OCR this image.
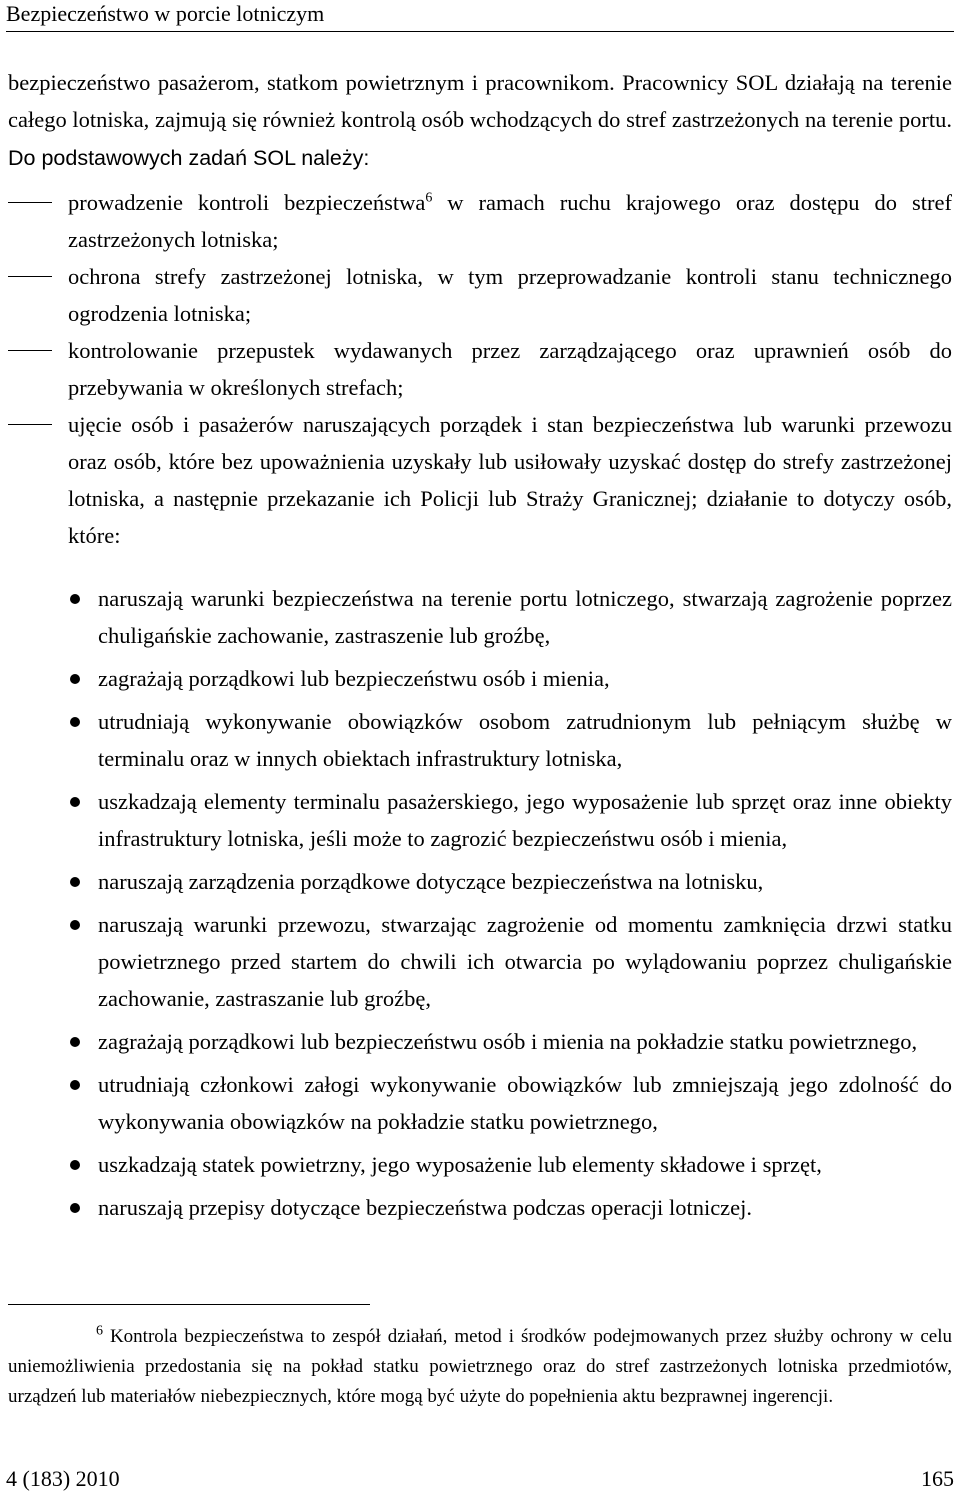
Bezpieczeństwo w porcie lotniczym

bezpieczeństwo pasażerom, statkom powietrznym i pracownikom. Pracownicy SOL działają na terenie całego lotniska, zajmują się również kontrolą osób wchodzących do stref zastrzeżonych na terenie portu. Do podstawowych zadań SOL należy:

prowadzenie kontroli bezpieczeństwa$^6$ w ramach ruchu krajowego oraz dostępu do stref zastrzeżonych lotniska;
ochrona strefy zastrzeżonej lotniska, w tym przeprowadzanie kontroli stanu technicznego ogrodzenia lotniska;
kontrolowanie przepustek wydawanych przez zarządzającego oraz uprawnień osób do przebywania w określonych strefach;
ujęcie osób i pasażerów naruszających porządek i stan bezpieczeństwa lub warunki przewozu oraz osób, które bez upoważnienia uzyskały lub usiłowały uzyskać dostęp do strefy zastrzeżonej lotniska, a następnie przekazanie ich Policji lub Straży Granicznej; działanie to dotyczy osób, które:
naruszają warunki bezpieczeństwa na terenie portu lotniczego, stwarzają zagrożenie poprzez chuligańskie zachowanie, zastraszenie lub groźbę,
zagrażają porządkowi lub bezpieczeństwu osób i mienia,
utrudniają wykonywanie obowiązków osobom zatrudnionym lub pełniącym służbę w terminalu oraz w innych obiektach infrastruktury lotniska,
uszkadzają elementy terminalu pasażerskiego, jego wyposażenie lub sprzęt oraz inne obiekty infrastruktury lotniska, jeśli może to zagrozić bezpieczeństwu osób i mienia,
naruszają zarządzenia porządkowe dotyczące bezpieczeństwa na lotnisku,
naruszają warunki przewozu, stwarzając zagrożenie od momentu zamknięcia drzwi statku powietrznego przed startem do chwili ich otwarcia po wylądowaniu poprzez chuligańskie zachowanie, zastraszanie lub groźbę,
zagrażają porządkowi lub bezpieczeństwu osób i mienia na pokładzie statku powietrznego,
utrudniają członkowi załogi wykonywanie obowiązków lub zmniejszają jego zdolność do wykonywania obowiązków na pokładzie statku powietrznego,
uszkadzają statek powietrzny, jego wyposażenie lub elementy składowe i sprzęt,
naruszają przepisy dotyczące bezpieczeństwa podczas operacji lotniczej.

$^6$ Kontrola bezpieczeństwa to zespół działań, metod i środków podejmowanych przez służby ochrony w celu uniemożliwienia przedostania się na pokład statku powietrznego oraz do stref zastrzeżonych lotniska przedmiotów, urządzeń lub materiałów niebezpiecznych, które mogą być użyte do popełnienia aktu bezprawnej ingerencji.

4 (183) 2010	165
